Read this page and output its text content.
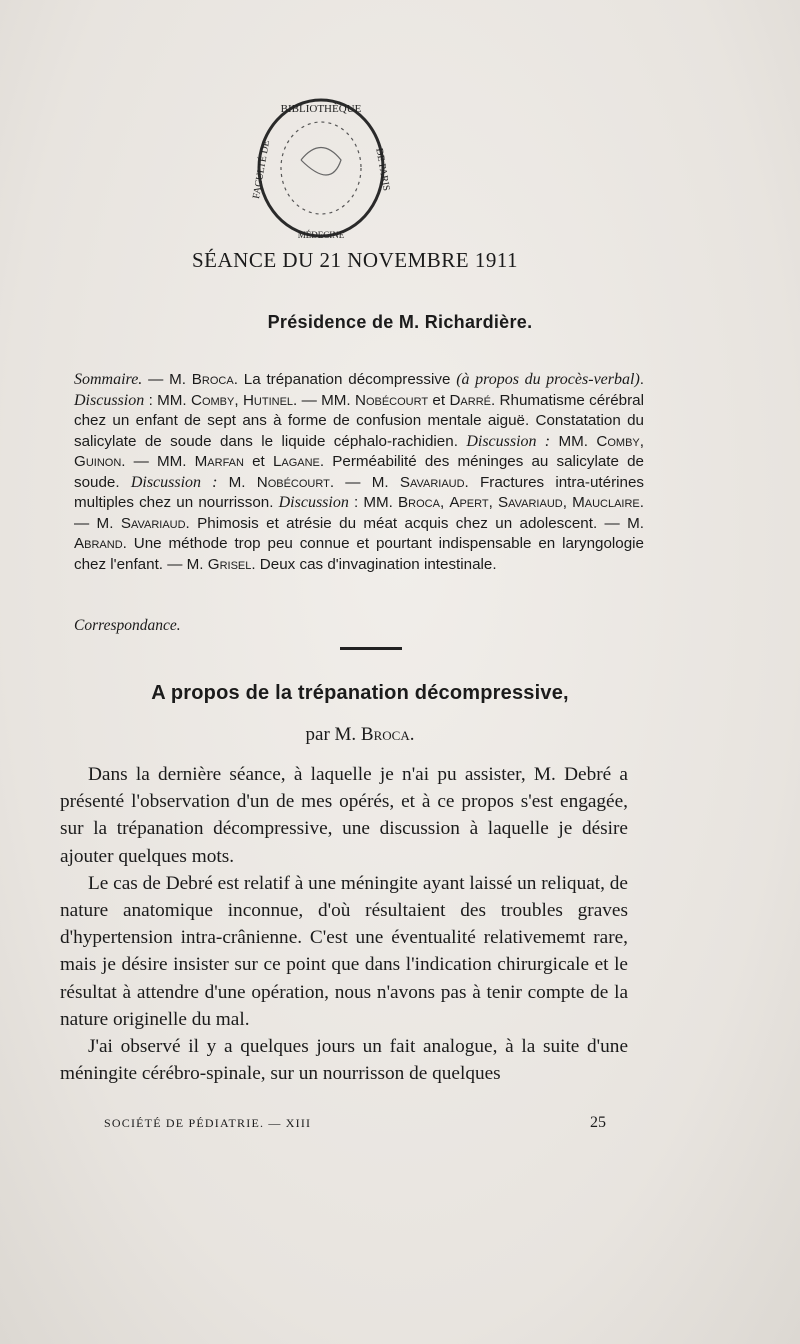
BIBLIOTHÈQUE
FACULTÉ DE	DE PARIS
MÉDECINE
SÉANCE DU 21 NOVEMBRE 1911
Présidence de M. Richardière.
Sommaire. — M. Broca. La trépanation décompressive (à propos du procès-verbal). Discussion : MM. Comby, Hutinel. — MM. Nobécourt et Darré. Rhumatisme cérébral chez un enfant de sept ans à forme de confusion mentale aiguë. Constatation du salicylate de soude dans le liquide céphalo-rachidien. Discussion : MM. Comby, Guinon. — MM. Marfan et Lagane. Perméabilité des méninges au salicylate de soude. Discussion : M. Nobécourt. — M. Savariaud. Fractures intra-utérines multiples chez un nourrisson. Discussion : MM. Broca, Apert, Savariaud, Mauclaire. — M. Savariaud. Phimosis et atrésie du méat acquis chez un adolescent. — M. Abrand. Une méthode trop peu connue et pourtant indispensable en laryngologie chez l'enfant. — M. Grisel. Deux cas d'invagination intestinale.
Correspondance.
A propos de la trépanation décompressive,
par M. Broca.

Dans la dernière séance, à laquelle je n'ai pu assister, M. Debré a présenté l'observation d'un de mes opérés, et à ce propos s'est engagée, sur la trépanation décompressive, une discussion à laquelle je désire ajouter quelques mots.

Le cas de Debré est relatif à une méningite ayant laissé un reliquat, de nature anatomique inconnue, d'où résultaient des troubles graves d'hypertension intra-crânienne. C'est une éventualité relativememt rare, mais je désire insister sur ce point que dans l'indication chirurgicale et le résultat à attendre d'une opération, nous n'avons pas à tenir compte de la nature originelle du mal.

J'ai observé il y a quelques jours un fait analogue, à la suite d'une méningite cérébro-spinale, sur un nourrisson de quelques

SOCIÉTÉ DE PÉDIATRIE. — XIII	25
